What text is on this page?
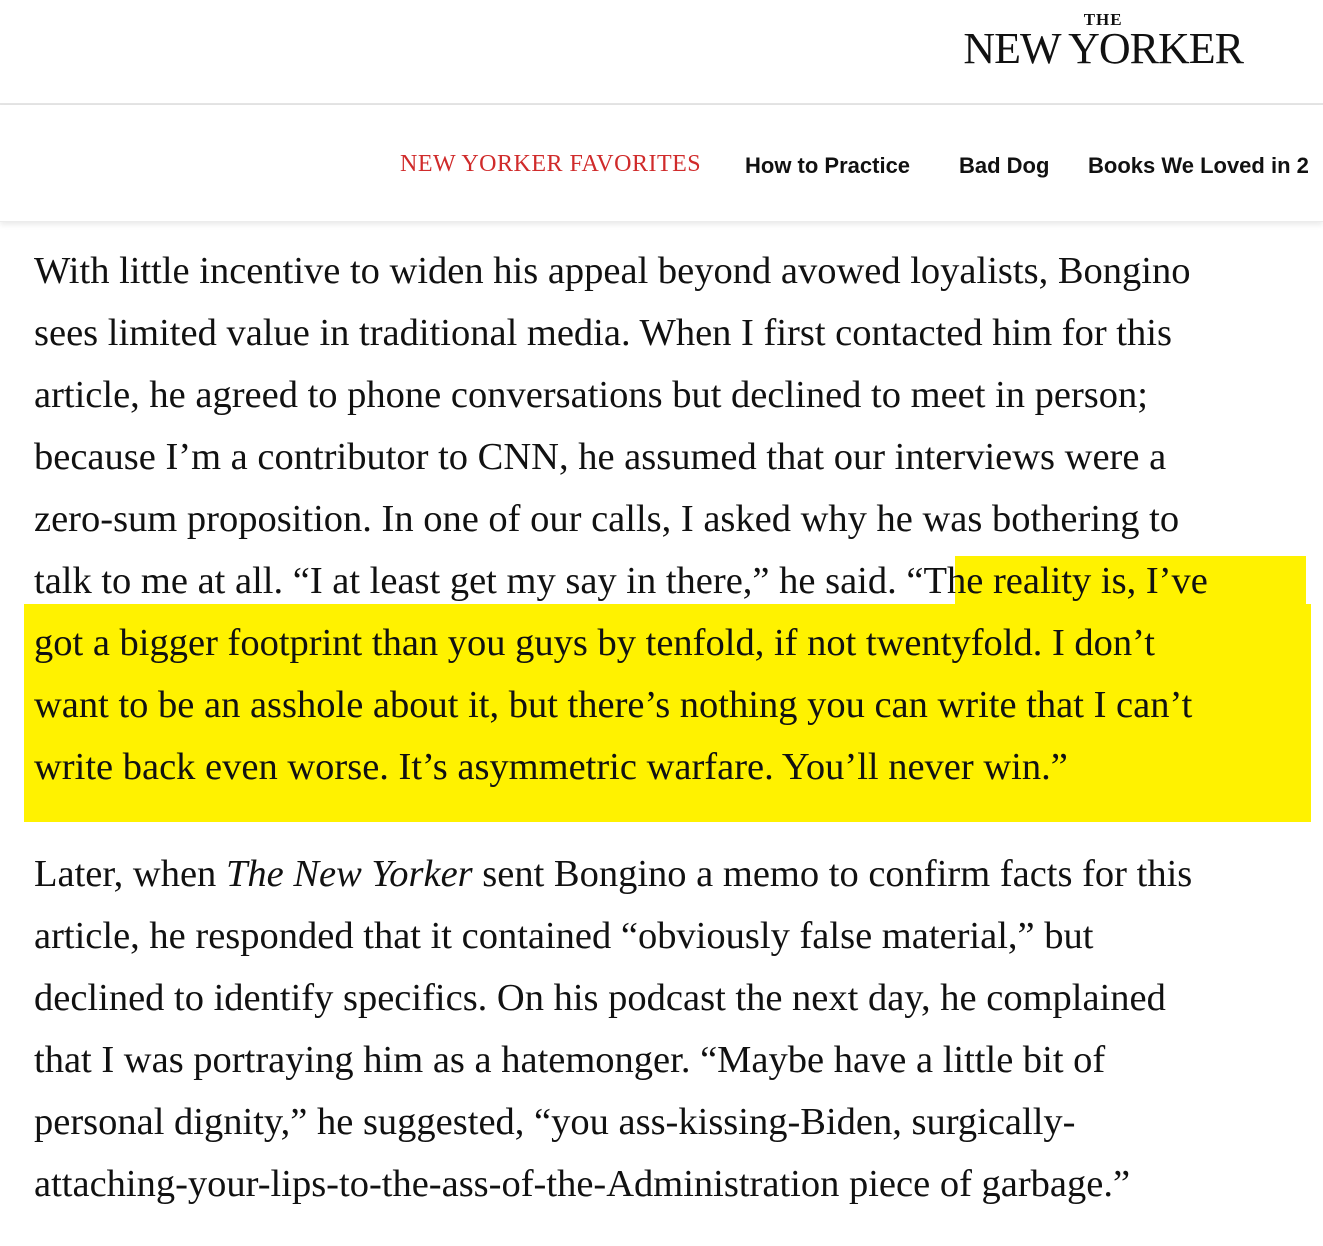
THE
NEW YORKER
NEW YORKER FAVORITES How to Practice Bad Dog Books We Loved in 2
With little incentive to widen his appeal beyond avowed loyalists, Bongino
sees limited value in traditional media. When I first contacted him for this
article, he agreed to phone conversations but declined to meet in person;
because I’m a contributor to CNN, he assumed that our interviews were a
zero-sum proposition. In one of our calls, I asked why he was bothering to
talk to me at all. “I at least get my say in there,” he said. “The reality is, I’ve
got a bigger footprint than you guys by tenfold, if not twentyfold. I don’t
want to be an asshole about it, but there’s nothing you can write that I can’t
write back even worse. It’s asymmetric warfare. You’ll never win.”
Later, when The New Yorker sent Bongino a memo to confirm facts for this
article, he responded that it contained “obviously false material,” but
declined to identify specifics. On his podcast the next day, he complained
that I was portraying him as a hatemonger. “Maybe have a little bit of
personal dignity,” he suggested, “you ass-kissing-Biden, surgically-
attaching-your-lips-to-the-ass-of-the-Administration piece of garbage.”
